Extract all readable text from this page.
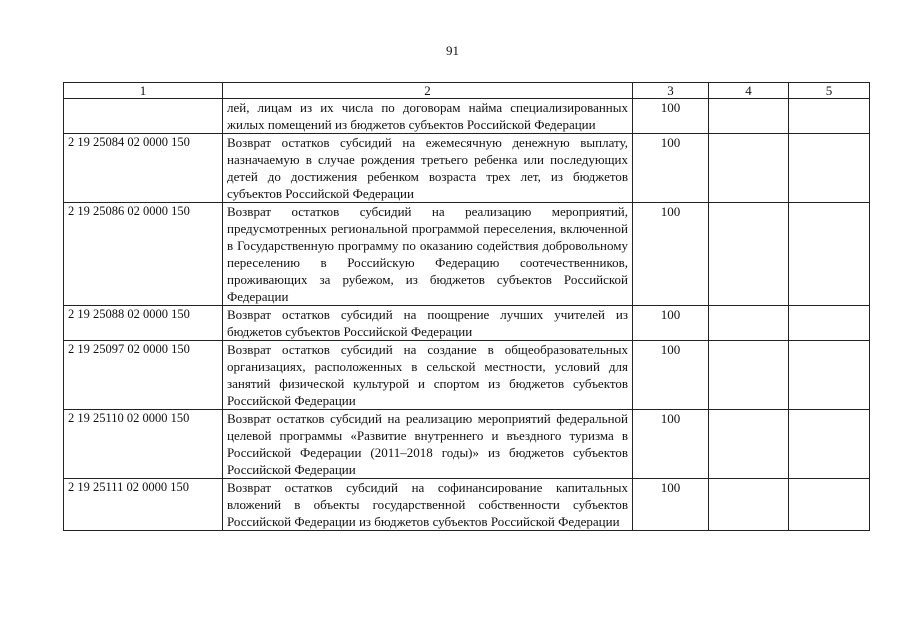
91
1	2	3	4	5
	лей, лицам из их числа по договорам найма специализированных жилых помещений из бюджетов субъектов Российской Федерации	100		
2 19 25084 02 0000 150	Возврат остатков субсидий на ежемесячную денежную выплату, назначаемую в случае рождения третьего ребенка или последующих детей до достижения ребенком возраста трех лет, из бюджетов субъектов Российской Федерации	100		
2 19 25086 02 0000 150	Возврат остатков субсидий на реализацию мероприятий, предусмотренных региональной программой переселения, включенной в Государственную программу по оказанию содействия добровольному переселению в Российскую Федерацию соотечественников, проживающих за рубежом, из бюджетов субъектов Российской Федерации	100		
2 19 25088 02 0000 150	Возврат остатков субсидий на поощрение лучших учителей из бюджетов субъектов Российской Федерации	100		
2 19 25097 02 0000 150	Возврат остатков субсидий на создание в общеобразовательных организациях, расположенных в сельской местности, условий для занятий физической культурой и спортом из бюджетов субъектов Российской Федерации	100		
2 19 25110 02 0000 150	Возврат остатков субсидий на реализацию мероприятий федеральной целевой программы «Развитие внутреннего и въездного туризма в Российской Федерации (2011–2018 годы)» из бюджетов субъектов Российской Федерации	100		
2 19 25111 02 0000 150	Возврат остатков субсидий на софинансирование капитальных вложений в объекты государственной собственности субъектов Российской Федерации из бюджетов субъектов Российской Федерации	100		
